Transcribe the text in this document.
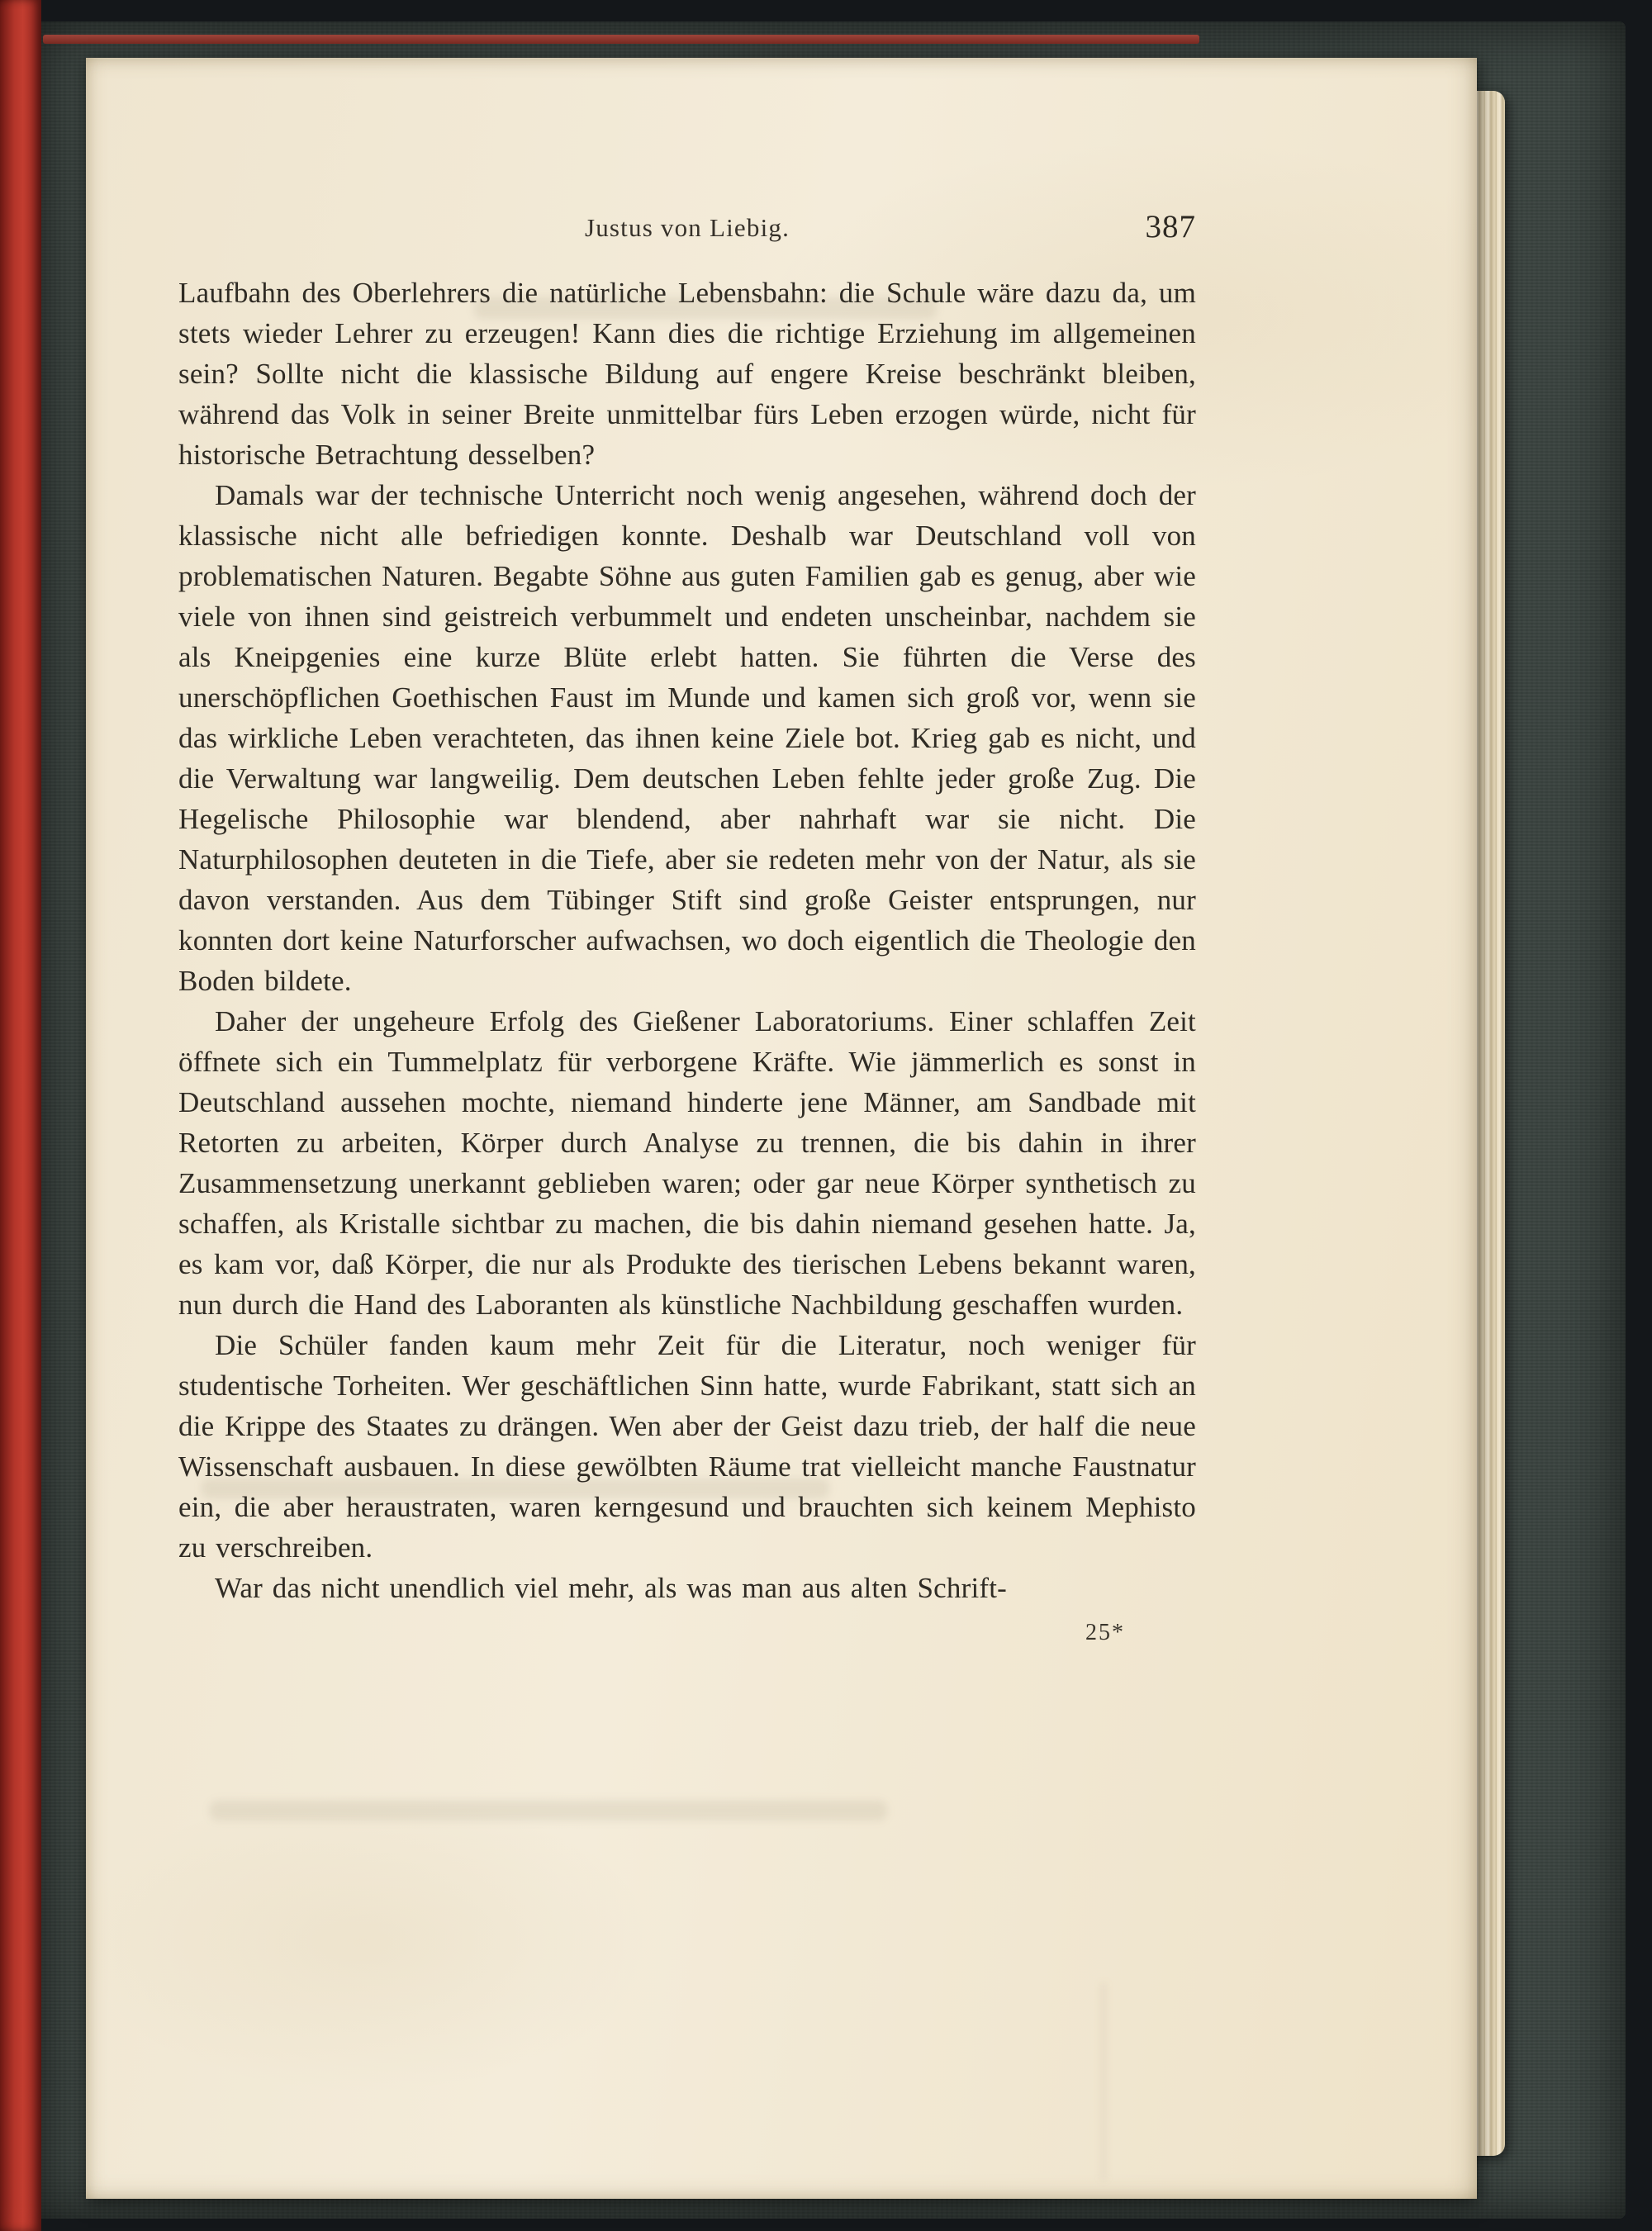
Justus von Liebig.	387

Laufbahn des Oberlehrers die natürliche Lebensbahn: die Schule wäre dazu da, um stets wieder Lehrer zu erzeugen! Kann dies die richtige Erziehung im allgemeinen sein? Sollte nicht die klassische Bildung auf engere Kreise beschränkt bleiben, während das Volk in seiner Breite unmittelbar fürs Leben erzogen würde, nicht für historische Betrachtung desselben?

Damals war der technische Unterricht noch wenig angesehen, während doch der klassische nicht alle befriedigen konnte. Deshalb war Deutschland voll von problematischen Naturen. Begabte Söhne aus guten Familien gab es genug, aber wie viele von ihnen sind geistreich verbummelt und endeten unscheinbar, nachdem sie als Kneipgenies eine kurze Blüte erlebt hatten. Sie führten die Verse des unerschöpflichen Goethischen Faust im Munde und kamen sich groß vor, wenn sie das wirkliche Leben verachteten, das ihnen keine Ziele bot. Krieg gab es nicht, und die Verwaltung war langweilig. Dem deutschen Leben fehlte jeder große Zug. Die Hegelische Philosophie war blendend, aber nahrhaft war sie nicht. Die Naturphilosophen deuteten in die Tiefe, aber sie redeten mehr von der Natur, als sie davon verstanden. Aus dem Tübinger Stift sind große Geister entsprungen, nur konnten dort keine Naturforscher aufwachsen, wo doch eigentlich die Theologie den Boden bildete.

Daher der ungeheure Erfolg des Gießener Laboratoriums. Einer schlaffen Zeit öffnete sich ein Tummelplatz für verborgene Kräfte. Wie jämmerlich es sonst in Deutschland aussehen mochte, niemand hinderte jene Männer, am Sandbade mit Retorten zu arbeiten, Körper durch Analyse zu trennen, die bis dahin in ihrer Zusammensetzung unerkannt geblieben waren; oder gar neue Körper synthetisch zu schaffen, als Kristalle sichtbar zu machen, die bis dahin niemand gesehen hatte. Ja, es kam vor, daß Körper, die nur als Produkte des tierischen Lebens bekannt waren, nun durch die Hand des Laboranten als künstliche Nachbildung geschaffen wurden.

Die Schüler fanden kaum mehr Zeit für die Literatur, noch weniger für studentische Torheiten. Wer geschäftlichen Sinn hatte, wurde Fabrikant, statt sich an die Krippe des Staates zu drängen. Wen aber der Geist dazu trieb, der half die neue Wissenschaft ausbauen. In diese gewölbten Räume trat vielleicht manche Faustnatur ein, die aber heraustraten, waren kerngesund und brauchten sich keinem Mephisto zu verschreiben.

War das nicht unendlich viel mehr, als was man aus alten Schrift-

25*
